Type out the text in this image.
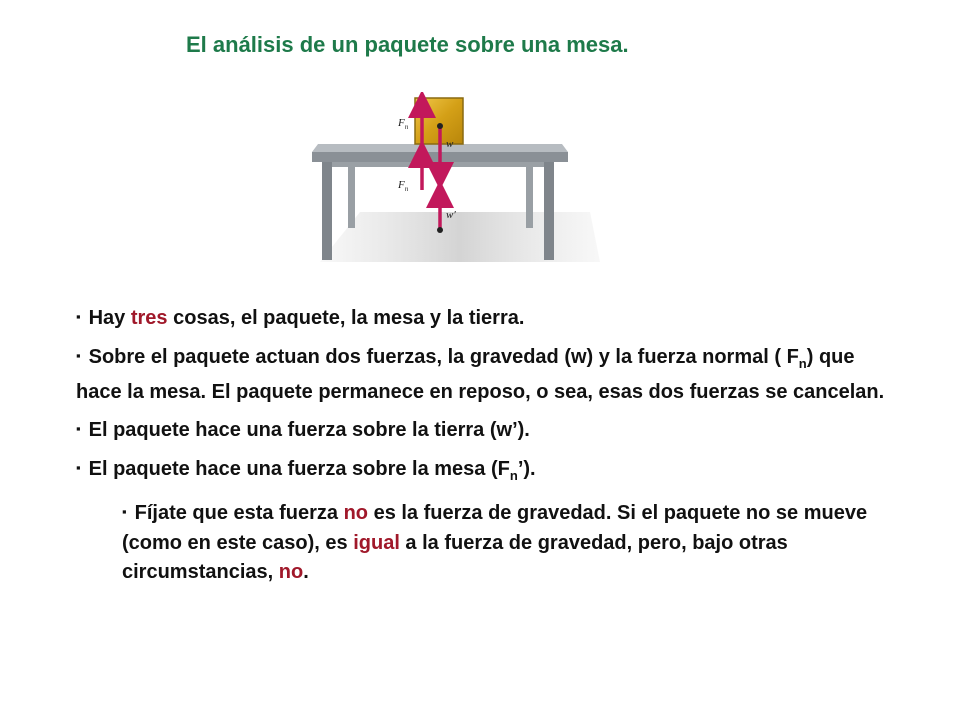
El análisis de un paquete sobre una mesa.
$F_n$
w
$F_n$
w′
▪ Hay tres cosas, el paquete, la mesa y la tierra.
▪ Sobre el paquete actuan dos fuerzas, la gravedad (w) y la fuerza normal ( $F_n$) que hace la mesa. El paquete permanece en reposo, o sea, esas dos fuerzas se cancelan.
▪ El paquete hace una fuerza sobre la tierra (w’).
▪ El paquete hace una fuerza sobre la mesa $(F_n’)$.
▪ Fíjate que esta fuerza no es la fuerza de gravedad. Si el paquete no se mueve (como en este caso), es igual a la fuerza de gravedad, pero, bajo otras circumstancias, no.
